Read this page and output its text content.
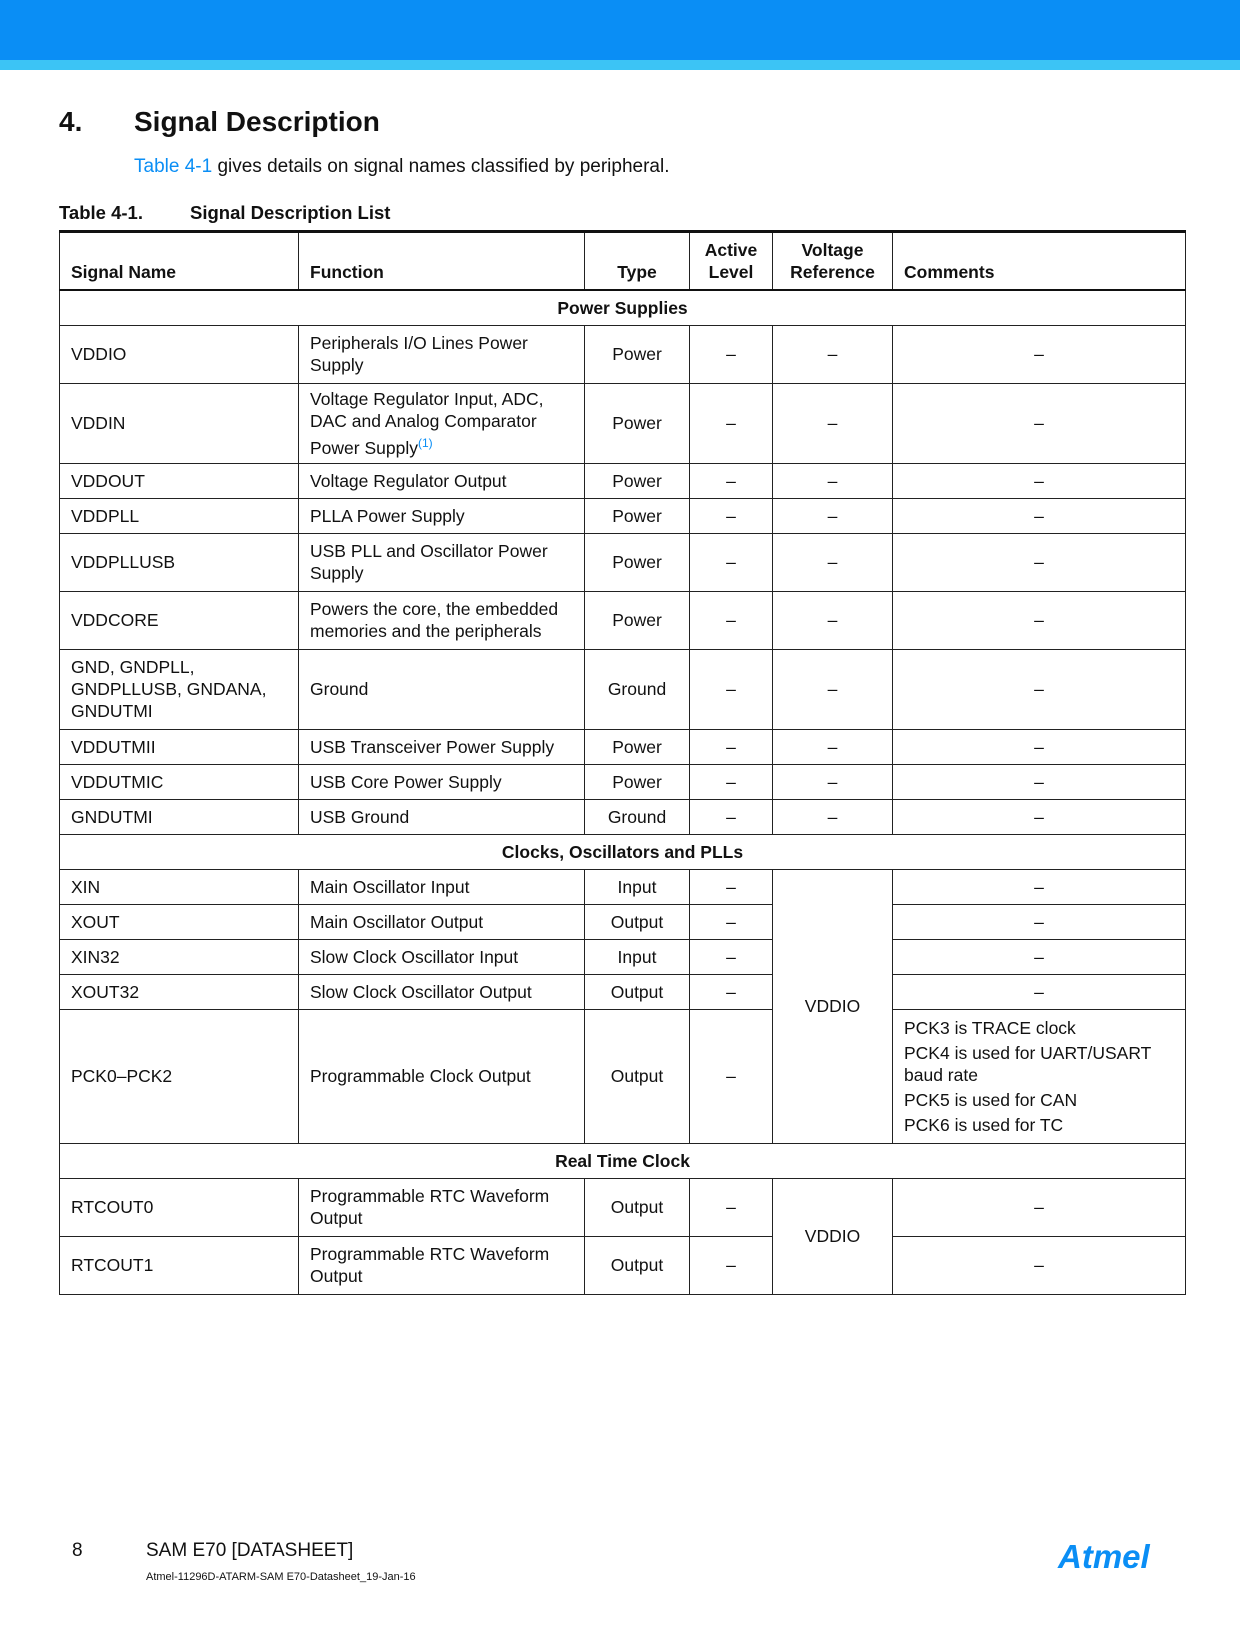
4. Signal Description
Table 4-1 gives details on signal names classified by peripheral.
Table 4-1.	Signal Description List
Signal Name	Function	Type	Active Level	Voltage Reference	Comments
Power Supplies					
VDDIO	Peripherals I/O Lines Power Supply	Power	–	–	–
VDDIN	Voltage Regulator Input, ADC, DAC and Analog Comparator Power Supply$^{(1)}$	Power	–	–	–
VDDOUT	Voltage Regulator Output	Power	–	–	–
VDDPLL	PLLA Power Supply	Power	–	–	–
VDDPLLUSB	USB PLL and Oscillator Power Supply	Power	–	–	–
VDDCORE	Powers the core, the embedded memories and the peripherals	Power	–	–	–
GND, GNDPLL, GNDPLLUSB, GNDANA, GNDUTMI	Ground	Ground	–	–	–
VDDUTMII	USB Transceiver Power Supply	Power	–	–	–
VDDUTMIC	USB Core Power Supply	Power	–	–	–
GNDUTMI	USB Ground	Ground	–	–	–
Clocks, Oscillators and PLLs					
XIN	Main Oscillator Input	Input	–	VDDIO	–
XOUT	Main Oscillator Output	Output	–		–
XIN32	Slow Clock Oscillator Input	Input	–		–
XOUT32	Slow Clock Oscillator Output	Output	–		–
PCK0–PCK2	Programmable Clock Output	Output	–		PCK3 is TRACE clock
PCK4 is used for UART/USART baud rate
PCK5 is used for CAN
PCK6 is used for TC

Real Time Clock					
RTCOUT0	Programmable RTC Waveform Output	Output	–	VDDIO	–
RTCOUT1	Programmable RTC Waveform Output	Output	–		–
8	SAM E70 [DATASHEET]
Atmel-11296D-ATARM-SAM E70-Datasheet_19-Jan-16
Atmel
